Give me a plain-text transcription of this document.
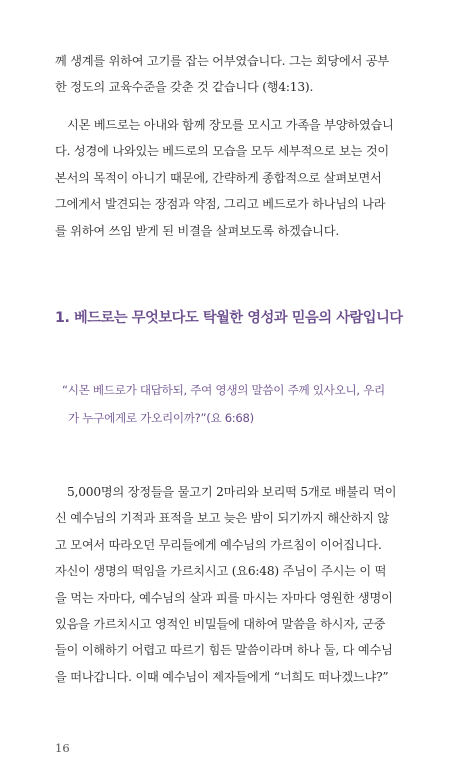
께 생계를 위하여 고기를 잡는 어부였습니다. 그는 회당에서 공부
한 정도의 교육수준을 갖춘 것 같습니다 (행4:13).

시몬 베드로는 아내와 함께 장모를 모시고 가족을 부양하였습니
다. 성경에 나와있는 베드로의 모습을 모두 세부적으로 보는 것이
본서의 목적이 아니기 때문에, 간략하게 종합적으로 살펴보면서
그에게서 발견되는 장점과 약점, 그리고 베드로가 하나님의 나라
를 위하여 쓰임 받게 된 비결을 살펴보도록 하겠습니다.

1. 베드로는 무엇보다도 탁월한 영성과 믿음의 사람입니다

“시몬 베드로가 대답하되, 주여 영생의 말씀이 주께 있사오니, 우리
가 누구에게로 가오리이까?”(요 6:68)

5,000명의 장정들을 물고기 2마리와 보리떡 5개로 배불리 먹이
신 예수님의 기적과 표적을 보고 늦은 밤이 되기까지 해산하지 않
고 모여서 따라오던 무리들에게 예수님의 가르침이 이어집니다.
자신이 생명의 떡임을 가르치시고 (요6:48) 주님이 주시는 이 떡
을 먹는 자마다, 예수님의 살과 피를 마시는 자마다 영원한 생명이
있음을 가르치시고 영적인 비밀들에 대하여 말씀을 하시자, 군중
들이 이해하기 어렵고 따르기 힘든 말씀이라며 하나 둘, 다 예수님
을 떠나갑니다. 이때 예수님이 제자들에게 “너희도 떠나겠느냐?”

16
